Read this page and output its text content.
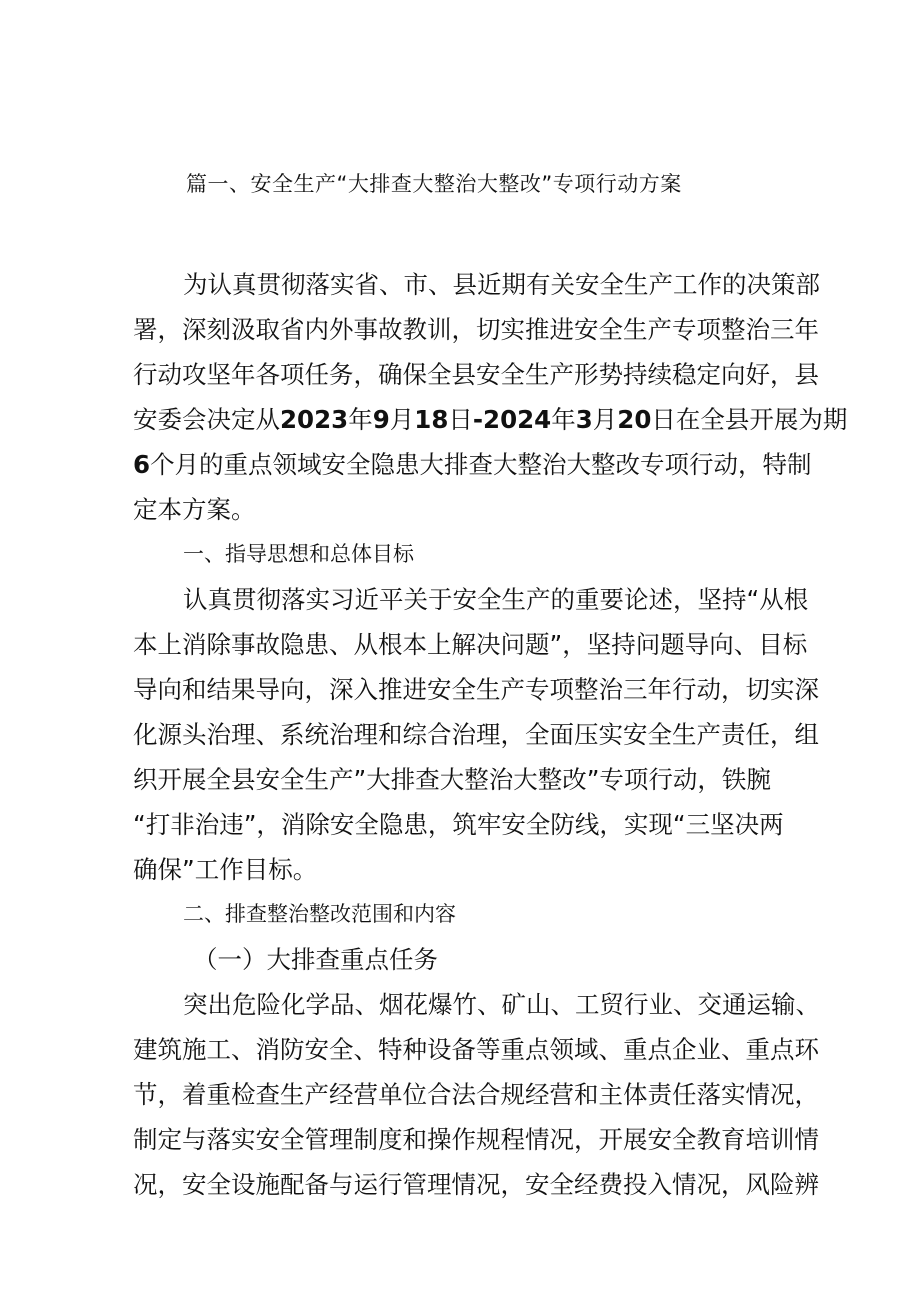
篇一、安全生产“大排查大整治大整改”专项行动方案
为认真贯彻落实省、市、县近期有关安全生产工作的决策部
署，深刻汲取省内外事故教训，切实推进安全生产专项整治三年
行动攻坚年各项任务，确保全县安全生产形势持续稳定向好，县
安委会决定从2023年9月18日-2024年3月20日在全县开展为期
6个月的重点领域安全隐患大排查大整治大整改专项行动，特制
定本方案。
一、指导思想和总体目标
认真贯彻落实习近平关于安全生产的重要论述，坚持“从根
本上消除事故隐患、从根本上解决问题”，坚持问题导向、目标
导向和结果导向，深入推进安全生产专项整治三年行动，切实深
化源头治理、系统治理和综合治理，全面压实安全生产责任，组
织开展全县安全生产”大排查大整治大整改”专项行动，铁腕
“打非治违”，消除安全隐患，筑牢安全防线，实现“三坚决两
确保”工作目标。
二、排查整治整改范围和内容
（一）大排查重点任务
突出危险化学品、烟花爆竹、矿山、工贸行业、交通运输、
建筑施工、消防安全、特种设备等重点领域、重点企业、重点环
节，着重检查生产经营单位合法合规经营和主体责任落实情况，
制定与落实安全管理制度和操作规程情况，开展安全教育培训情
况，安全设施配备与运行管理情况，安全经费投入情况，风险辨
